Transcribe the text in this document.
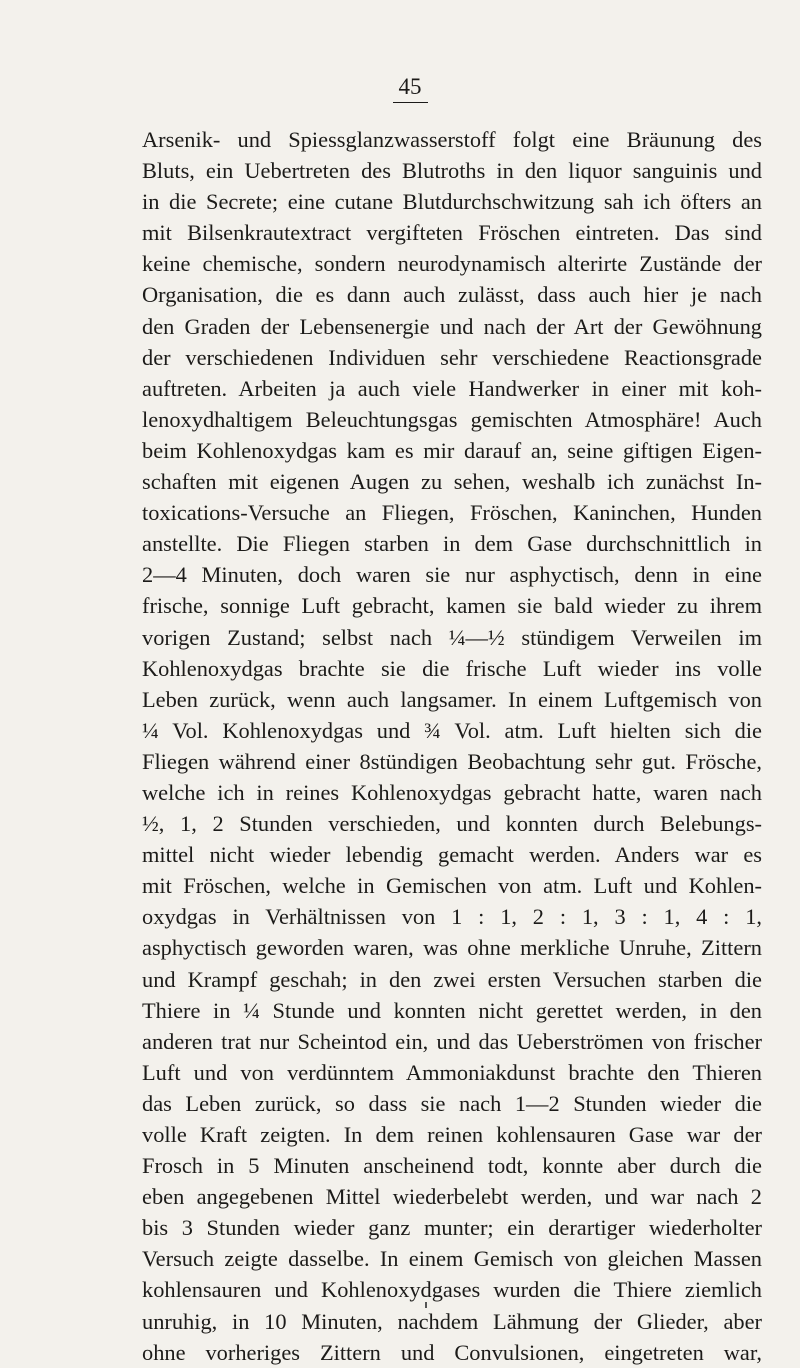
45
Arsenik- und Spiessglanzwasserstoff folgt eine Bräunung des
Bluts, ein Uebertreten des Blutroths in den liquor sanguinis und
in die Secrete; eine cutane Blutdurchschwitzung sah ich öfters an
mit Bilsenkrautextract vergifteten Fröschen eintreten. Das sind
keine chemische, sondern neurodynamisch alterirte Zustände der
Organisation, die es dann auch zulässt, dass auch hier je nach
den Graden der Lebensenergie und nach der Art der Gewöhnung
der verschiedenen Individuen sehr verschiedene Reactionsgrade
auftreten. Arbeiten ja auch viele Handwerker in einer mit koh-
lenoxydhaltigem Beleuchtungsgas gemischten Atmosphäre! Auch
beim Kohlenoxydgas kam es mir darauf an, seine giftigen Eigen-
schaften mit eigenen Augen zu sehen, weshalb ich zunächst In-
toxications-Versuche an Fliegen, Fröschen, Kaninchen, Hunden
anstellte. Die Fliegen starben in dem Gase durchschnittlich in
2—4 Minuten, doch waren sie nur asphyctisch, denn in eine
frische, sonnige Luft gebracht, kamen sie bald wieder zu ihrem
vorigen Zustand; selbst nach ¼—½ stündigem Verweilen im
Kohlenoxydgas brachte sie die frische Luft wieder ins volle
Leben zurück, wenn auch langsamer. In einem Luftgemisch von
¼ Vol. Kohlenoxydgas und ¾ Vol. atm. Luft hielten sich die
Fliegen während einer 8stündigen Beobachtung sehr gut. Frösche,
welche ich in reines Kohlenoxydgas gebracht hatte, waren nach
½, 1, 2 Stunden verschieden, und konnten durch Belebungs-
mittel nicht wieder lebendig gemacht werden. Anders war es
mit Fröschen, welche in Gemischen von atm. Luft und Kohlen-
oxydgas in Verhältnissen von 1 : 1, 2 : 1, 3 : 1, 4 : 1,
asphyctisch geworden waren, was ohne merkliche Unruhe, Zittern
und Krampf geschah; in den zwei ersten Versuchen starben die
Thiere in ¼ Stunde und konnten nicht gerettet werden, in den
anderen trat nur Scheintod ein, und das Ueberströmen von frischer
Luft und von verdünntem Ammoniakdunst brachte den Thieren
das Leben zurück, so dass sie nach 1—2 Stunden wieder die
volle Kraft zeigten. In dem reinen kohlensauren Gase war der
Frosch in 5 Minuten anscheinend todt, konnte aber durch die
eben angegebenen Mittel wiederbelebt werden, und war nach 2
bis 3 Stunden wieder ganz munter; ein derartiger wiederholter
Versuch zeigte dasselbe. In einem Gemisch von gleichen Massen
kohlensauren und Kohlenoxydgases wurden die Thiere ziemlich
unruhig, in 10 Minuten, nachdem Lähmung der Glieder, aber
ohne vorheriges Zittern und Convulsionen, eingetreten war,
